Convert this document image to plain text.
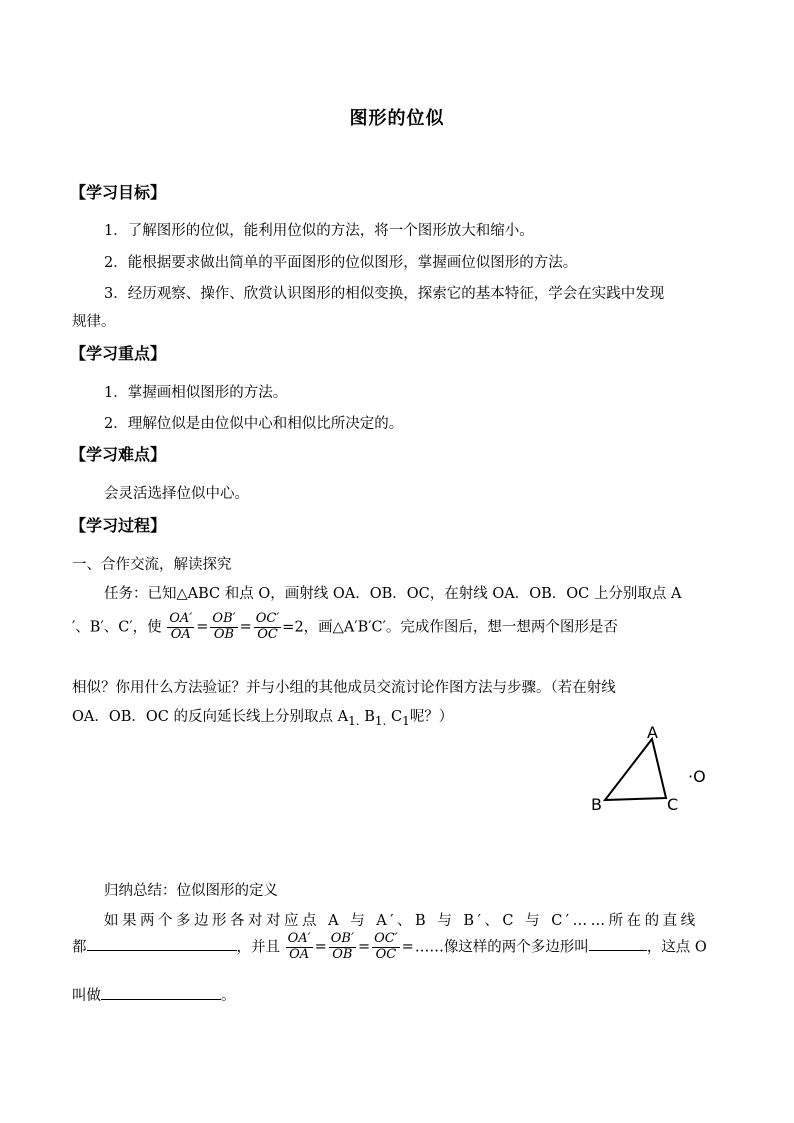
图形的位似
【学习目标】
1．了解图形的位似，能利用位似的方法，将一个图形放大和缩小。
2．能根据要求做出简单的平面图形的位似图形，掌握画位似图形的方法。
3．经历观察、操作、欣赏认识图形的相似变换，探索它的基本特征，学会在实践中发现
规律。
【学习重点】
1．掌握画相似图形的方法。
2．理解位似是由位似中心和相似比所决定的。
【学习难点】
会灵活选择位似中心。
【学习过程】
一、合作交流，解读探究
任务：已知△ABC 和点 O，画射线 OA．OB．OC，在射线 OA．OB．OC 上分别取点 A
′、B′、C′，使 $\frac{OA'}{OA} = \frac{OB'}{OB} = \frac{OC'}{OC} =2$，画△A′B′C′。完成作图后，想一想两个图形是否
相似？你用什么方法验证？并与小组的其他成员交流讨论作图方法与步骤。（若在射线
OA．OB．OC 的反向延长线上分别取点 $A_{1.}$ $B_{1.}$ $C_1$呢？）
A
B	C
·O
归纳总结：位似图形的定义
如果两个多边形各对对应点 A 与 A′、B 与 B′、C 与 C′……所在的直线
都	，并且 $\frac{OA'}{OA} = \frac{OB'}{OB} = \frac{OC'}{OC}$ =……像这样的两个多边形叫	，这点 O
叫做	。
